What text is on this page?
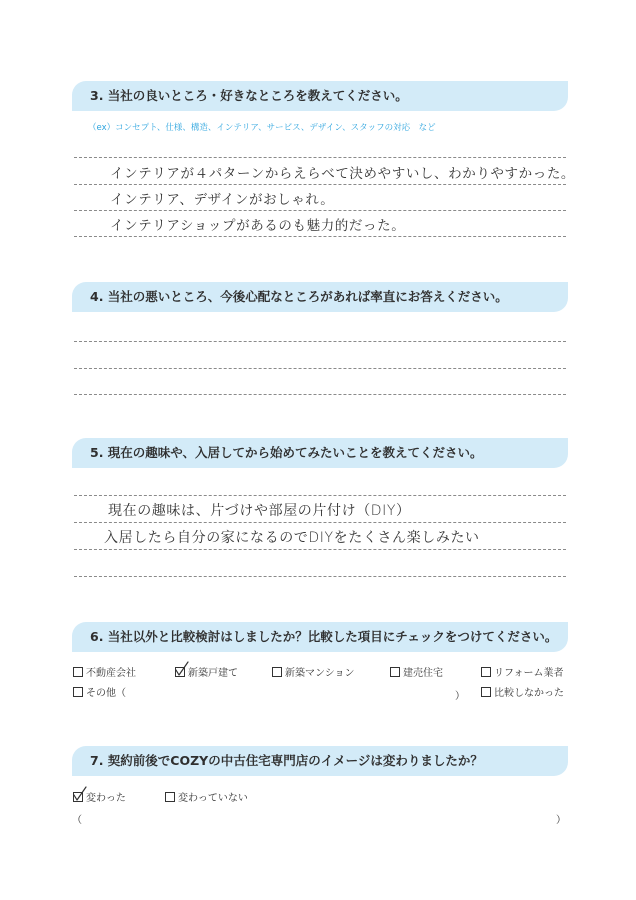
3. 当社の良いところ・好きなところを教えてください。
（ex）コンセプト、仕様、構造、インテリア、サービス、デザイン、スタッフの対応　など
インテリアが４パターンからえらべて決めやすいし、わかりやすかった。
インテリア、デザインがおしゃれ。
インテリアショップがあるのも魅力的だった。
4. 当社の悪いところ、今後心配なところがあれば率直にお答えください。
5. 現在の趣味や、入居してから始めてみたいことを教えてください。
現在の趣味は、片づけや部屋の片付け（DIY）
入居したら自分の家になるのでDIYをたくさん楽しみたい
6. 当社以外と比較検討はしましたか？比較した項目にチェックをつけてください。
不動産会社	新築戸建て	新築マンション	建売住宅	リフォーム業者
その他（	）	比較しなかった
7. 契約前後でCOZYの中古住宅専門店のイメージは変わりましたか？
変わった	変わっていない
（	）
